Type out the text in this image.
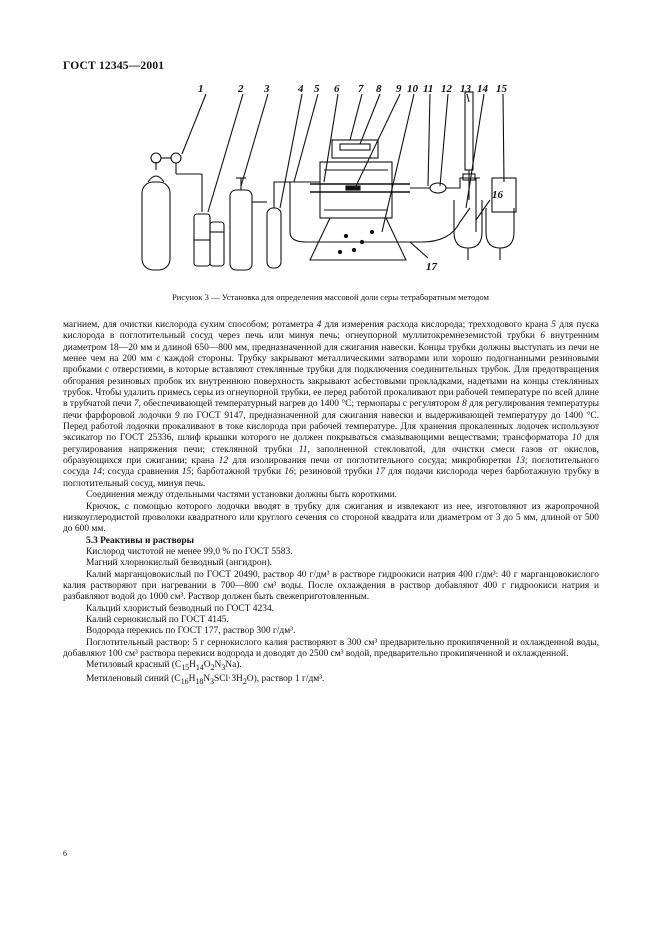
ГОСТ 12345—2001
1	2 3	4 5 6 7 8 9 10 11 12 13 14 15
16
17
Рисунок 3 — Установка для определения массовой доли серы тетраборатным методом

магнием, для очистки кислорода сухим способом; ротаметра 4 для измерения расхода кислорода; трехходового крана 5 для пуска кислорода в поглотительный сосуд через печь или минуя печь; огнеупорной муллитокремнеземистой трубки 6 внутренним диаметром 18—20 мм и длиной 650—800 мм, предназначенной для сжигания навески. Концы трубки должны выступать из печи не менее чем на 200 мм с каждой стороны. Трубку закрывают металлическими затворами или хорошо подогнанными резиновыми пробками с отверстиями, в которые вставляют стеклянные трубки для подключения соединительных трубок. Для предотвращения обгорания резиновых пробок их внутреннюю поверхность закрывают асбестовыми прокладками, надетыми на концы стеклянных трубок. Чтобы удалить примесь серы из огнеупорной трубки, ее перед работой прокаливают при рабочей температуре по всей длине в трубчатой печи 7, обеспечивающей температурный нагрев до 1400 °С; термопары с регулятором 8 для регулирования температуры печи фарфоровой лодочки 9 по ГОСТ 9147, предназначенной для сжигания навески и выдерживающей температуру до 1400 °С. Перед работой лодочки прокаливают в токе кислорода при рабочей температуре. Для хранения прокаленных лодочек используют эксикатор по ГОСТ 25336, шлиф крышки которого не должен покрываться смазывающими веществами; трансформатора 10 для регулирования напряжения печи; стеклянной трубки 11, заполненной стекловатой, для очистки смеси газов от окислов, образующихся при сжигании; крана 12 для изолирования печи от поглотительного сосуда; микробюретки 13; поглотительного сосуда 14; сосуда сравнения 15; барботажной трубки 16; резиновой трубки 17 для подачи кислорода через барботажную трубку в поглотительный сосуд, минуя печь.

Соединения между отдельными частями установки должны быть короткими.

Крючок, с помощью которого лодочки вводят в трубку для сжигания и извлекают из нее, изготовляют из жаропрочной низкоуглеродистой проволоки квадратного или круглого сечения со стороной квадрата или диаметром от 3 до 5 мм, длиной от 500 до 600 мм.

5.3 Реактивы и растворы

Кислород чистотой не менее 99,0 % по ГОСТ 5583.

Магний хлорнокислый безводный (ангидрон).

Калий марганцовокислый по ГОСТ 20490, раствор 40 г/дм³ в растворе гидроокиси натрия 400 г/дм³: 40 г марганцовокислого калия растворяют при нагревании в 700—800 см³ воды. После охлаждения в раствор добавляют 400 г гидроокиси натрия и разбавляют водой до 1000 см³. Раствор должен быть свежеприготовленным.

Кальций хлористый безводный по ГОСТ 4234.

Калий сернокислый по ГОСТ 4145.

Водорода перекись по ГОСТ 177, раствор 300 г/дм³.

Поглотительный раствор: 5 г сернокислого калия растворяют в 300 см³ предварительно прокипяченной и охлажденной воды, добавляют 100 см³ раствора перекиси водорода и доводят до 2500 см³ водой, предварительно прокипяченной и охлажденной.

Метиловый красный $(C_{15}H_{14}O_2N_3Na)$.

Метиленовый синий $(C_{16}H_{18}N_3SCl\cdot 3H_2O)$, раствор 1 г/дм³.

6
